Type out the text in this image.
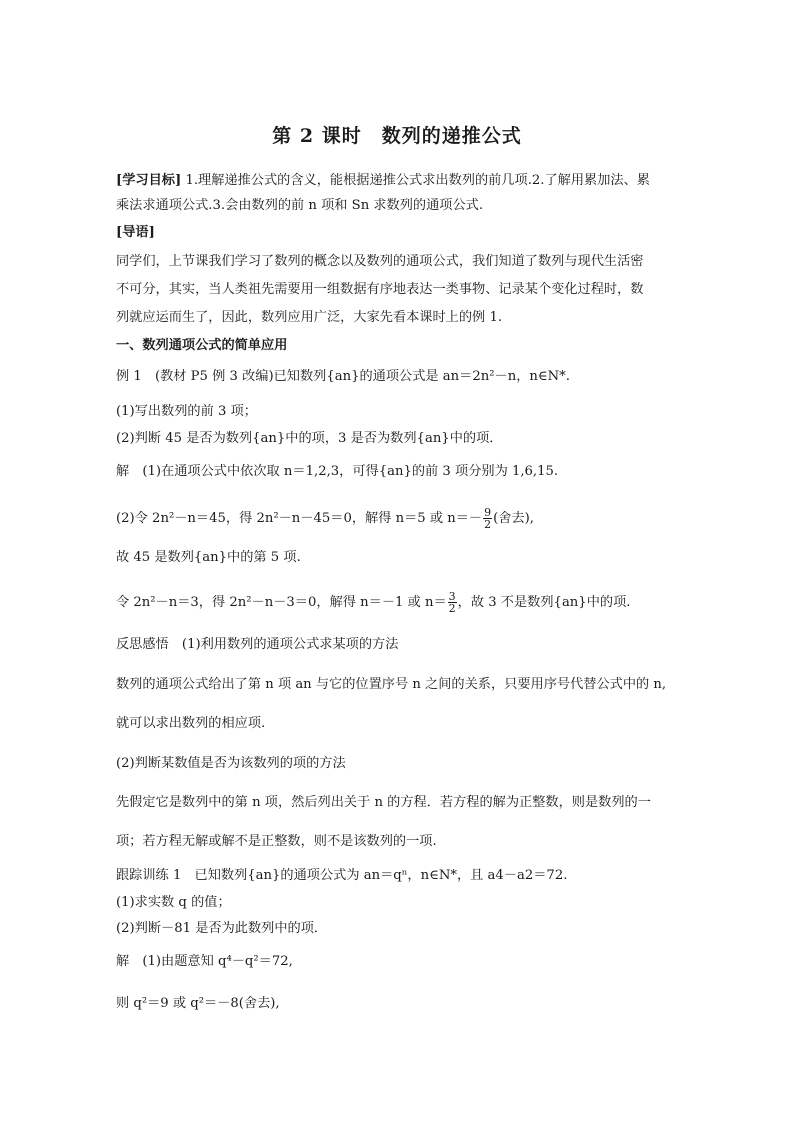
第 2 课时　数列的递推公式
[学习目标] 1.理解递推公式的含义，能根据递推公式求出数列的前几项.2.了解用累加法、累
乘法求通项公式.3.会由数列的前 n 项和 Sn 求数列的通项公式.
[导语]
同学们，上节课我们学习了数列的概念以及数列的通项公式，我们知道了数列与现代生活密
不可分，其实，当人类祖先需要用一组数据有序地表达一类事物、记录某个变化过程时，数
列就应运而生了，因此，数列应用广泛，大家先看本课时上的例 1.
一、数列通项公式的简单应用
例 1　(教材 P5 例 3 改编)已知数列{an}的通项公式是 an＝2n²－n，n∈N*.
(1)写出数列的前 3 项；
(2)判断 45 是否为数列{an}中的项，3 是否为数列{an}中的项．
解　(1)在通项公式中依次取 n＝1,2,3，可得{an}的前 3 项分别为 1,6,15.
(2)令 2n²－n＝45，得 2n²－n－45＝0，解得 n＝5 或 $n=- \frac{9}{2}$ (舍去),
故 45 是数列{an}中的第 5 项.
令 2n²－n＝3，得 2n²－n－3＝0，解得 n＝－1 或 $n= \frac{3}{2}$ ，故 3 不是数列{an}中的项.
反思感悟　(1)利用数列的通项公式求某项的方法
数列的通项公式给出了第 n 项 an 与它的位置序号 n 之间的关系，只要用序号代替公式中的 n,
就可以求出数列的相应项.
(2)判断某数值是否为该数列的项的方法
先假定它是数列中的第 n 项，然后列出关于 n 的方程．若方程的解为正整数，则是数列的一
项；若方程无解或解不是正整数，则不是该数列的一项.
跟踪训练 1　已知数列{an}的通项公式为 an＝qⁿ，n∈N*，且 a4－a2＝72.
(1)求实数 q 的值；
(2)判断－81 是否为此数列中的项．
解　(1)由题意知 q⁴－q²＝72,
则 q²＝9 或 q²＝－8(舍去),
